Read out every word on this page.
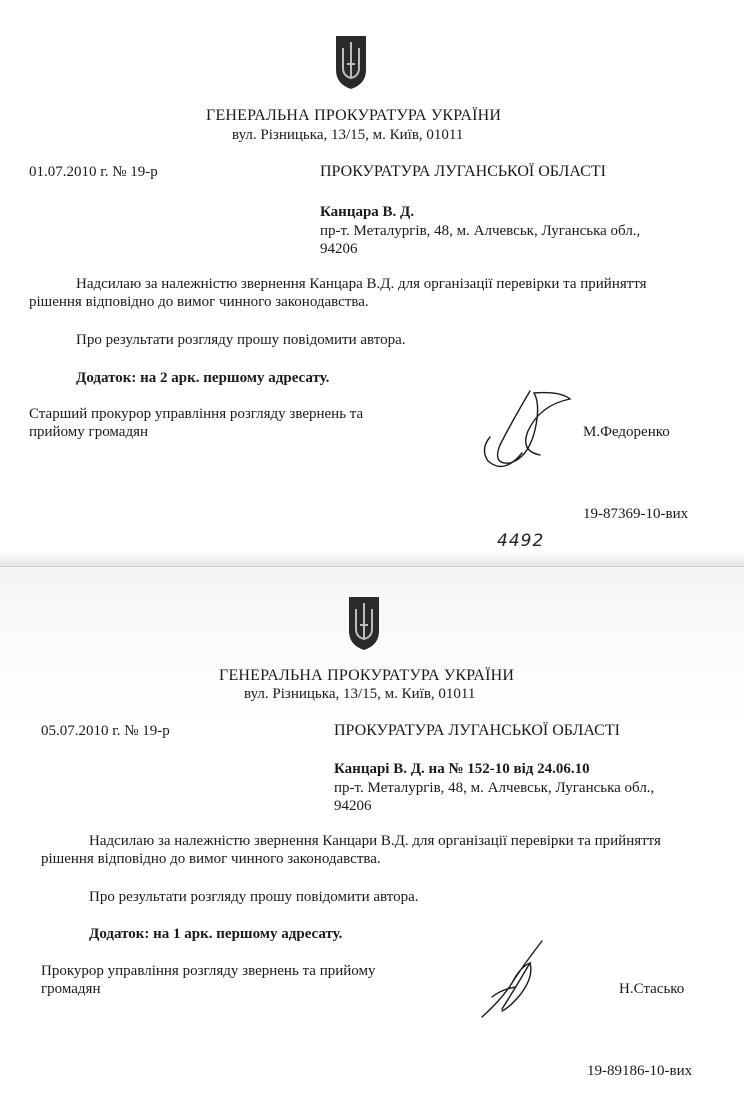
ГЕНЕРАЛЬНА ПРОКУРАТУРА УКРАЇНИ
вул. Різницька, 13/15, м. Київ, 01011
01.07.2010 г. № 19-р	ПРОКУРАТУРА ЛУГАНСЬКОЇ ОБЛАСТІ
Канцара В. Д.
пр-т. Металургів, 48, м. Алчевськ, Луганська обл.,
94206
Надсилаю за належністю звернення Канцара В.Д. для організації перевірки та прийняття
рішення відповідно до вимог чинного законодавства.
Про результати розгляду прошу повідомити автора.
Додаток: на 2 арк. першому адресату.
Старший прокурор управління розгляду звернень та
прийому громадян	М.Федоренко
19-87369-10-вих
4492
ГЕНЕРАЛЬНА ПРОКУРАТУРА УКРАЇНИ
вул. Різницька, 13/15, м. Київ, 01011
05.07.2010 г. № 19-р	ПРОКУРАТУРА ЛУГАНСЬКОЇ ОБЛАСТІ
Канцарі В. Д. на № 152-10 від 24.06.10
пр-т. Металургів, 48, м. Алчевськ, Луганська обл.,
94206
Надсилаю за належністю звернення Канцари В.Д. для організації перевірки та прийняття
рішення відповідно до вимог чинного законодавства.
Про результати розгляду прошу повідомити автора.
Додаток: на 1 арк. першому адресату.
Прокурор управління розгляду звернень та прийому
громадян	Н.Стасько
19-89186-10-вих
